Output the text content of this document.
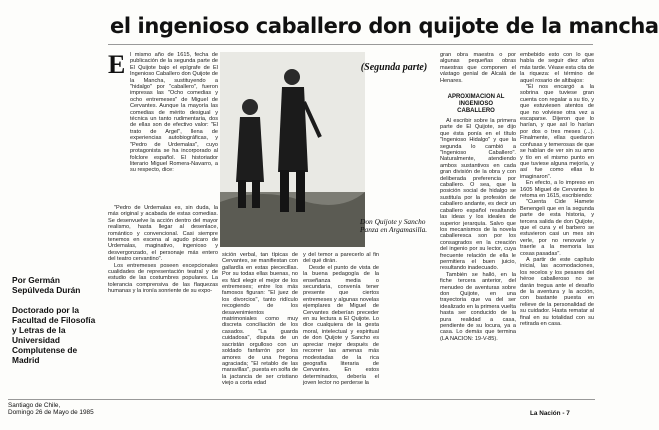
el ingenioso caballero don quijote de la mancha
Por Germán Sepúlveda Durán
Doctorado por la Facultad de Filosofía y Letras de la Universidad Complutense de Madrid
E l mismo año de 1615, fecha de publicación de la segunda parte de El Quijote bajo el epígrafe de El Ingenioso Caballero don Quijote de la Mancha, sustituyendo a "hidalgo" por "caballero", fueron impresas las "Ocho comedias y ocho entremeses" de Miguel de Cervantes. Aunque la mayoría las comedias de mérito desigual y técnica un tanto rudimentaria, dos de ellas son de efectivo valor: "El trato de Argel", llena de experiencias autobiográficas, y "Pedro de Urdemalas", cuyo protagonista se ha incorporado al folclore español. El historiador literario Miguel Romera-Navarro, a su respecto, dice:

"Pedro de Urdemalas es, sin duda, la más original y acabada de estas comedias. Se desenvuelve la acción dentro del mayor realismo, hasta llegar al desenlace, romántico y convencional. Casi siempre tenemos en escena al agudo pícaro de Urdemalas, maginativo, ingenioso y desvergonzado, el personaje más entero del teatro cervantino".

Los entremeses poseen excepcionales cualidades de representación teatral y de estudio de las costumbres populares. La tolerancia comprensiva de las flaquezas humanas y la ironía sonriente de su expo-

(Segunda parte)
Don Quijote y Sancho Panza en Argamasilla.

sición verbal, tan típicas de Cervantes, se manifiestan con gallardía en estas piececillas. Por su todas ellas buenas, no es fácil elegir el mejor de los entremeses; entre los más famosos figuran: "El juez de los divorcios", tanto ridículo recogiendo de los desavenimientos matrimoniales como muy discreta conciliación de los casados. "La guarda cuidadosa", disputa de un sacristán orgulloso con un soldado fanfarrón por los amores de una fregona agraciada; "El retablo de las maravillas", puesta en solfa de la jactancia de ser cristiano viejo a corta edad

y del temor a parecerlo al fin del qué dirán.

Desde el punto de vista de la buena pedagogía de la enseñanza media o secundaria, convenía tener presente que ciertos entremeses y algunas novelas ejemplares de Miguel de Cervantes deberían preceder en su lectura a El Quijote. Lo dice cualquiera de la gesta moral, intelectual y espiritual de don Quijote y Sancho es apreciar mejor después de recorrer las amenas más modestadas de la rica geografía literaria de Cervantes. En estos determinados, debería el joven lector no perderse la

gran obra maestra o por algunas pequeñas obras maestras que componen el vástago genial de Alcalá de Henares.

APROXIMACION AL INGENIOSO CABALLERO

Al escribir sobre la primera parte de El Quijote, se dijo que ésta ponía en el título "Ingenioso Hidalgo" y que la segunda lo cambió a "Ingenioso Caballero". Naturalmente, atendiendo ambos sustantivos en cada gran división de la obra y con deliberada preferencia por caballero. O sea, que la posición social de hidalgo se sustituía por la profesión de caballero andante, es decir un caballero español resaltando las ideas y los ideales de superior jerarquía. Salvo que los mecanismos de la novela caballeresca son por los consagrados en la creación del ingenio por su lector, cuya frecuente relación de ella le permitiera el buen juicio, resultando inadecuado.

También se halló, en la fiche tercera anterior, del menudeo de aventuras sobre don Quijote, en una trayectoria que va del ser idealizado en la primera vuelta hasta ser conducido de la pura realidad a casa, pendiente de su locura, ya a casa. Lo demás que termina (LA NACION: 19-V-85).

embebido esto con lo que había de seguir diez años más tarde. Véase esta cita de la riqueza: el término de aquel rosario de altibajos:

"Él nos encargó a la sobrina que tuviese gran cuenta con regalar a su tío, y que estuviesen atentos de que no volviese otra vez a escaparse. Dijeron que lo harían, y que así lo harían por dos o tres meses (...). Finalmente, ellas quedaron confusas y temerosas de que se habían de ver sin su amo y tío en el mismo punto en que tuviese alguna mejoría, y así fue como ellas lo imaginaron".

En efecto, a lo impreso en 1605 Miguel de Cervantes lo retoma en 1615, escribiendo:

"Cuenta Cide Hamete Benengeli que en la segunda parte de esta historia, y tercera salida de don Quijote, que el cura y el barbero se estuvieron casi un mes sin verle, por no renovarle y traerle a la memoria las cosas pasadas".

A partir de este capítulo inicial, las acomodaciones, los recelos y los pesares del héroe caballeroso no se darán tregua ante el desafío de la aventura y la acción, con bastante puesta en relieve de la personalidad de su cuidador. Hasta rematar al final en su totalidad con su retirada en casa.

Santiago de Chile,
Domingo 26 de Mayo de 1985	La Nación - 7
